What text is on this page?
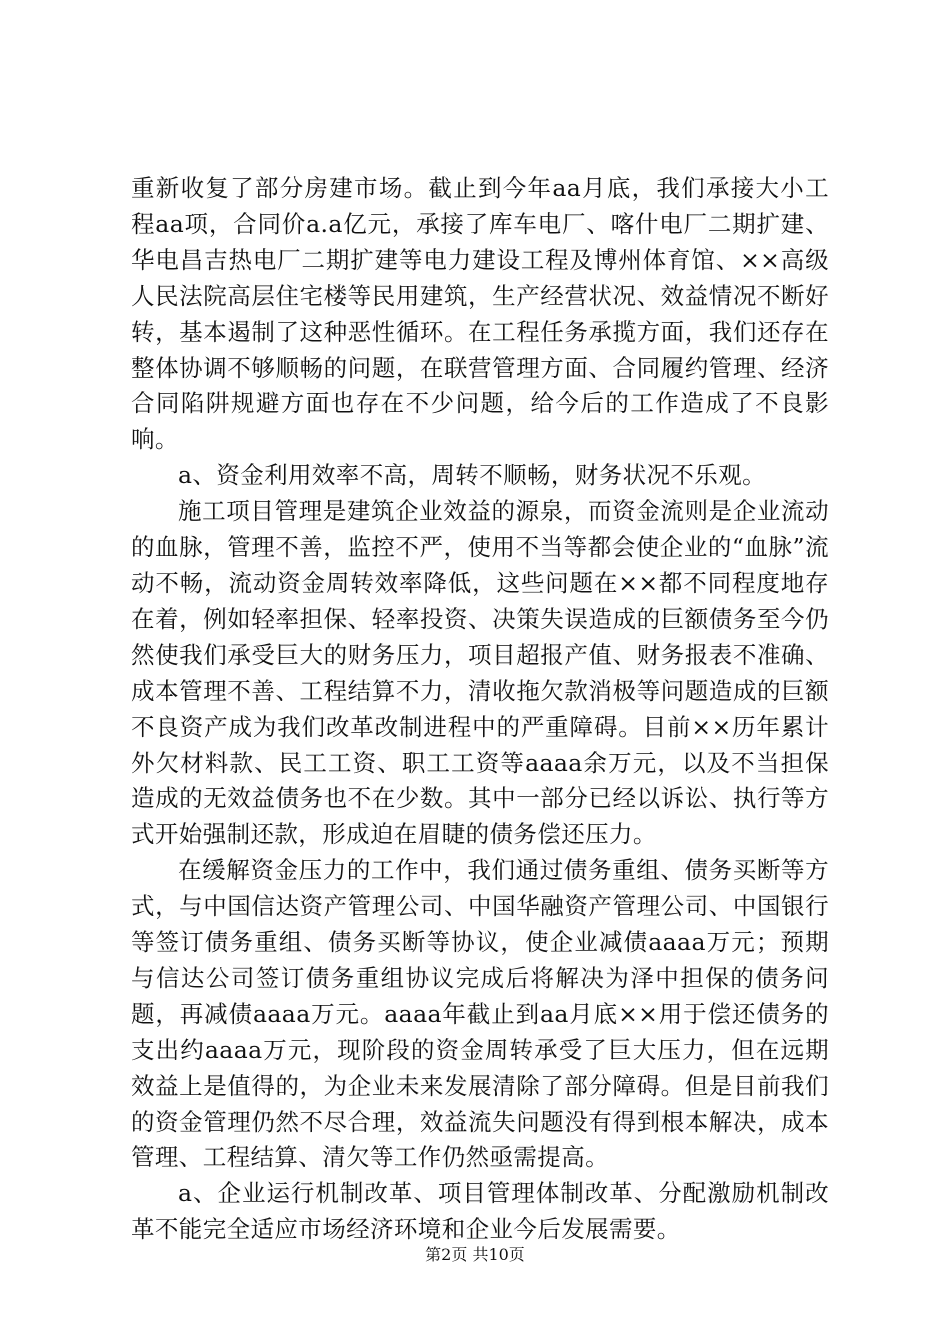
重新收复了部分房建市场。截止到今年aa月底，我们承接大小工程aa项，合同价a.a亿元，承接了库车电厂、喀什电厂二期扩建、华电昌吉热电厂二期扩建等电力建设工程及博州体育馆、××高级人民法院高层住宅楼等民用建筑，生产经营状况、效益情况不断好转，基本遏制了这种恶性循环。在工程任务承揽方面，我们还存在整体协调不够顺畅的问题，在联营管理方面、合同履约管理、经济合同陷阱规避方面也存在不少问题，给今后的工作造成了不良影响。

a、资金利用效率不高，周转不顺畅，财务状况不乐观。

施工项目管理是建筑企业效益的源泉，而资金流则是企业流动的血脉，管理不善，监控不严，使用不当等都会使企业的“血脉”流动不畅，流动资金周转效率降低，这些问题在××都不同程度地存在着，例如轻率担保、轻率投资、决策失误造成的巨额债务至今仍然使我们承受巨大的财务压力，项目超报产值、财务报表不准确、成本管理不善、工程结算不力，清收拖欠款消极等问题造成的巨额不良资产成为我们改革改制进程中的严重障碍。目前××历年累计外欠材料款、民工工资、职工工资等aaaa余万元，以及不当担保造成的无效益债务也不在少数。其中一部分已经以诉讼、执行等方式开始强制还款，形成迫在眉睫的债务偿还压力。

在缓解资金压力的工作中，我们通过债务重组、债务买断等方式，与中国信达资产管理公司、中国华融资产管理公司、中国银行等签订债务重组、债务买断等协议，使企业减债aaaa万元；预期与信达公司签订债务重组协议完成后将解决为泽中担保的债务问题，再减债aaaa万元。aaaa年截止到aa月底××用于偿还债务的支出约aaaa万元，现阶段的资金周转承受了巨大压力，但在远期效益上是值得的，为企业未来发展清除了部分障碍。但是目前我们的资金管理仍然不尽合理，效益流失问题没有得到根本解决，成本管理、工程结算、清欠等工作仍然亟需提高。

a、企业运行机制改革、项目管理体制改革、分配激励机制改革不能完全适应市场经济环境和企业今后发展需要。

第2页 共10页
